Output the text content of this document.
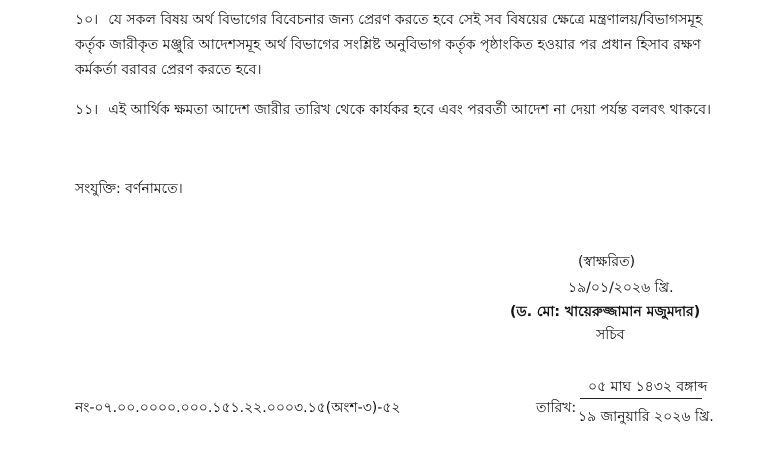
১০। যে সকল বিষয় অর্থ বিভাগের বিবেচনার জন্য প্রেরণ করতে হবে সেই সব বিষয়ের ক্ষেত্রে মন্ত্রণালয়/বিভাগসমূহ কর্তৃক জারীকৃত মঞ্জুরি আদেশসমূহ অর্থ বিভাগের সংশ্লিষ্ট অনুবিভাগ কর্তৃক পৃষ্ঠাংকিত হওয়ার পর প্রধান হিসাব রক্ষণ কর্মকর্তা বরাবর প্রেরণ করতে হবে।
১১। এই আর্থিক ক্ষমতা আদেশ জারীর তারিখ থেকে কার্যকর হবে এবং পরবর্তী আদেশ না দেয়া পর্যন্ত বলবৎ থাকবে।
সংযুক্তি: বর্ণনামতে।
(স্বাক্ষরিত)
১৯/০১/২০২৬ খ্রি.
(ড. মো: খায়েরুজ্জামান মজুমদার)
সচিব
নং-০৭.০০.০০০০.০০০.১৫১.২২.০০০৩.১৫(অংশ-৩)-৫২	তারিখ:
০৫ মাঘ ১৪৩২ বঙ্গাব্দ
১৯ জানুয়ারি ২০২৬ খ্রি.
